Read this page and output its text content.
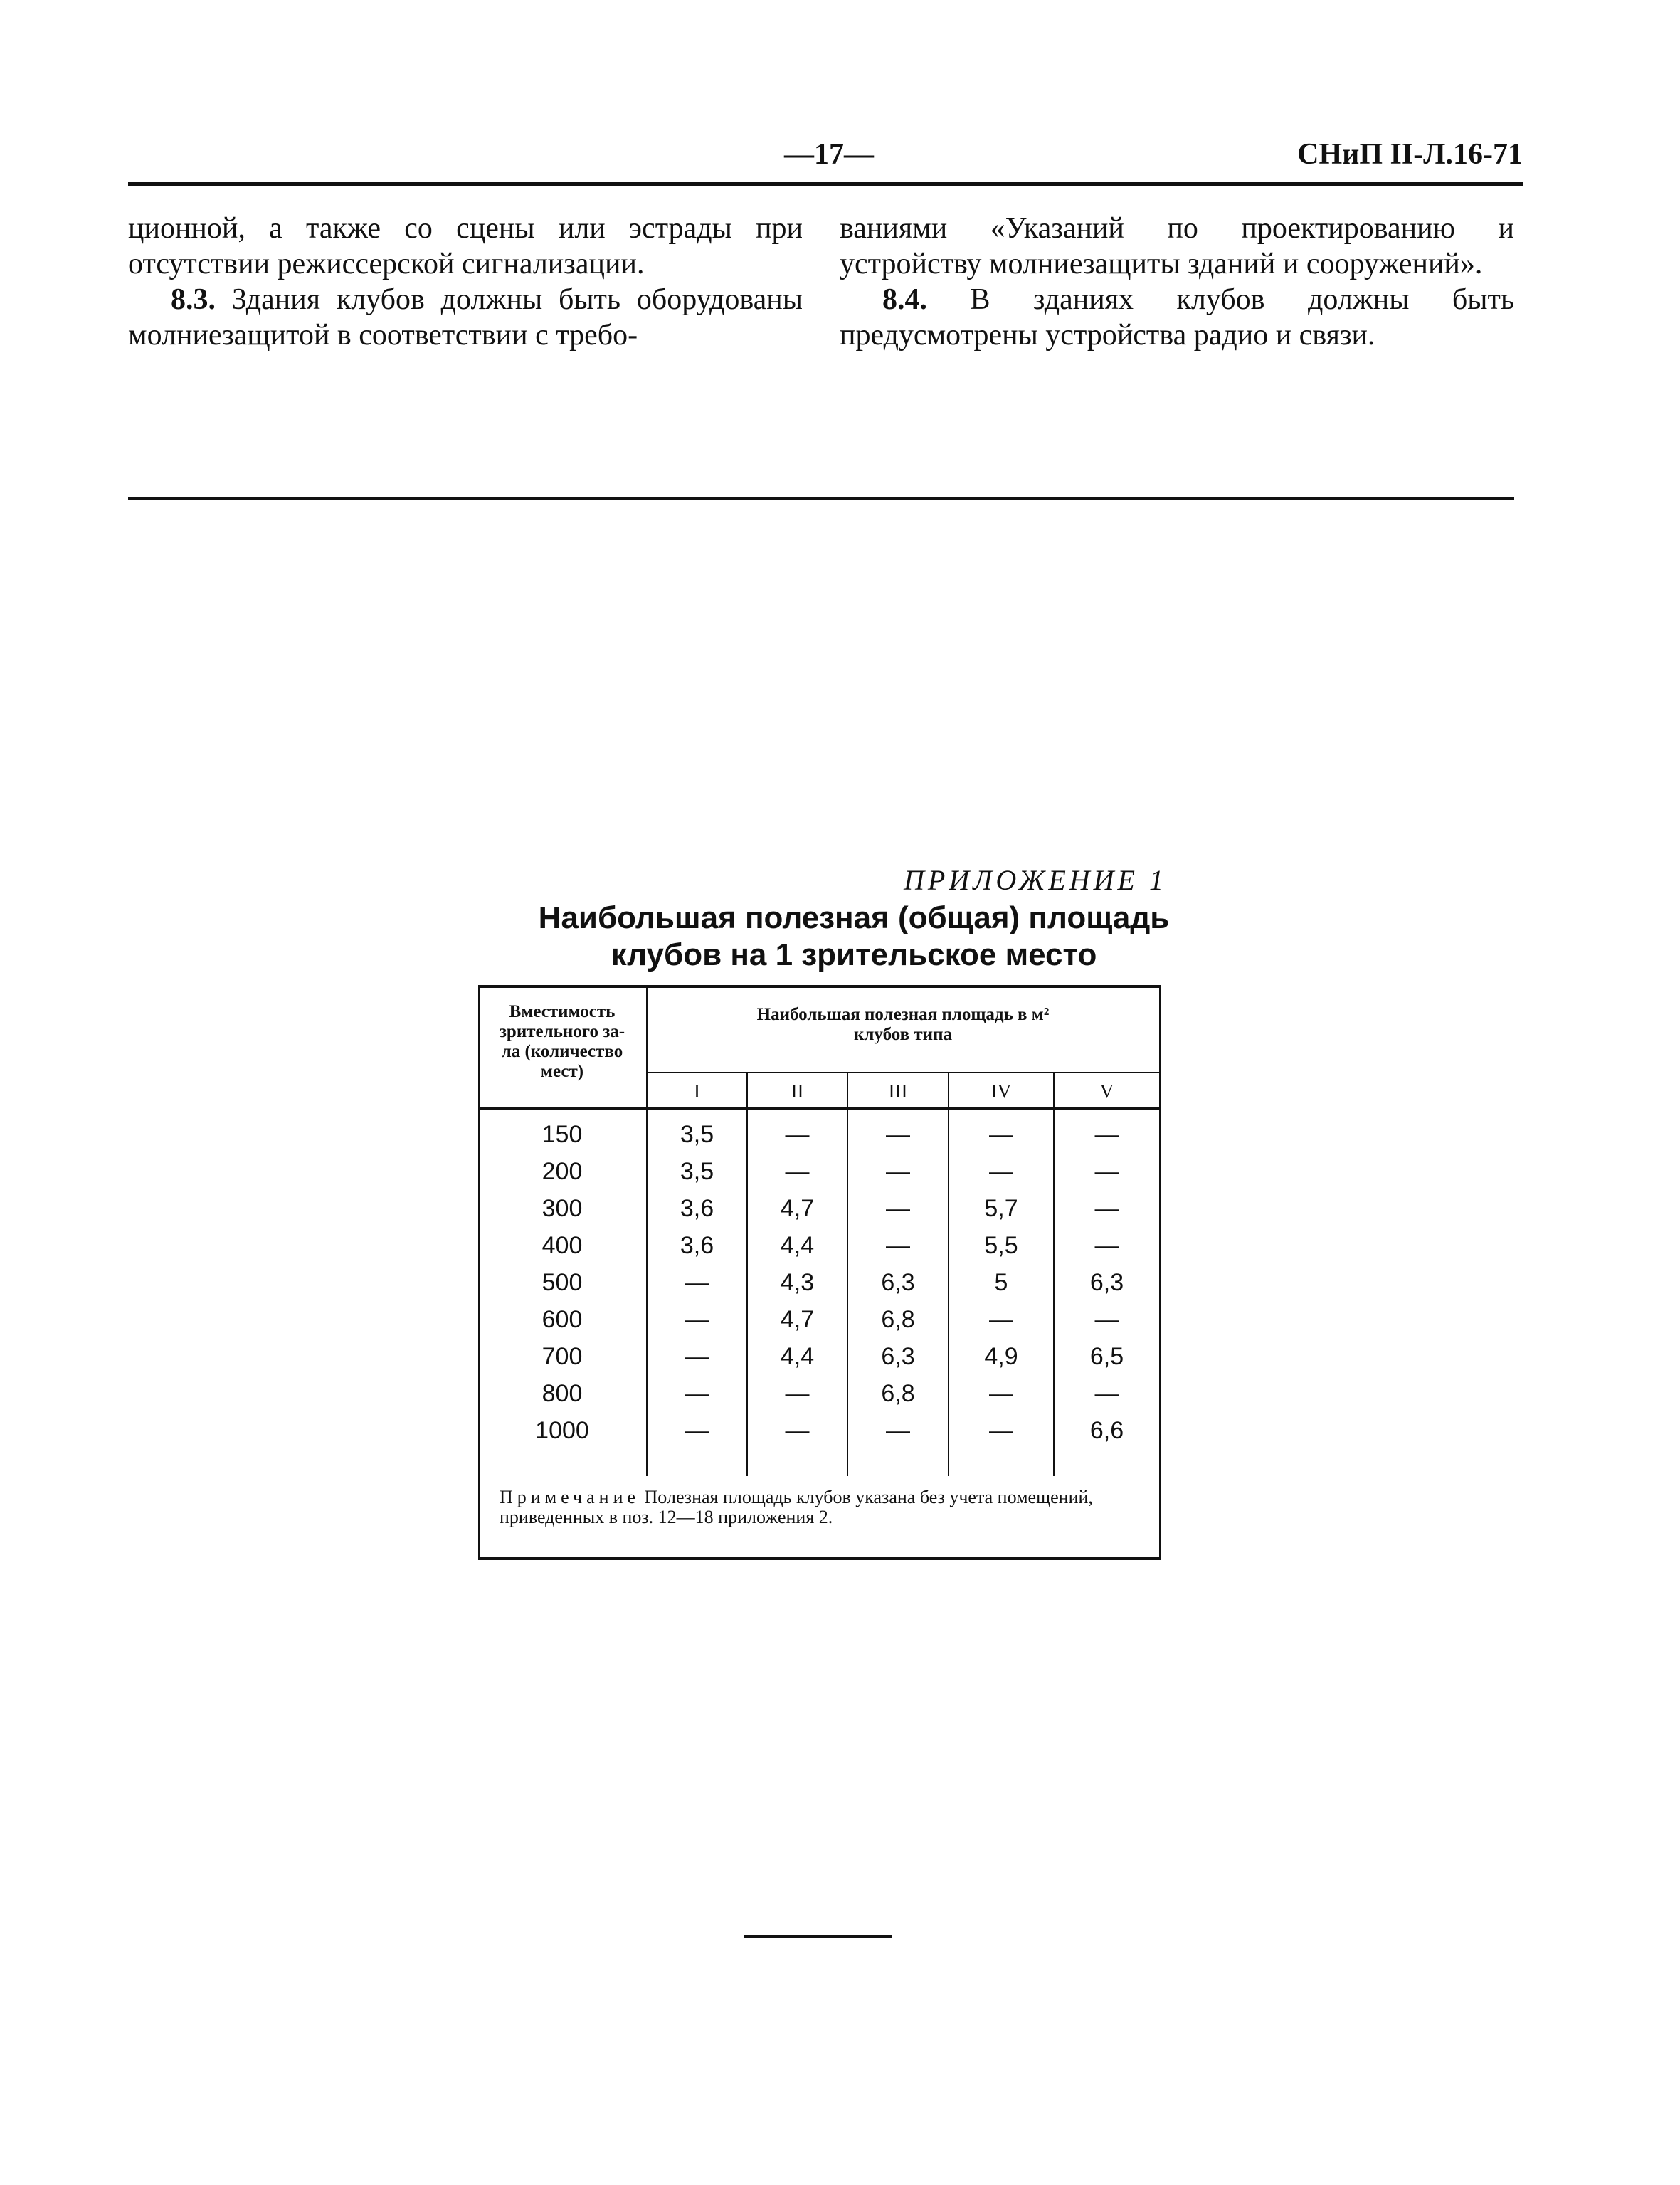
—17—	СНиП II-Л.16-71

ционной, а также со сцены или эстрады при отсутствии режиссерской сигнализации.

8.3. Здания клубов должны быть оборудованы молниезащитой в соответствии с требо-

ваниями «Указаний по проектированию и устройству молниезащиты зданий и сооружений».

8.4. В зданиях клубов должны быть предусмотрены устройства радио и связи.

ПРИЛОЖЕНИЕ 1
Наибольшая полезная (общая) площадь
клубов на 1 зрительское место
Вместимость
зрительного за-
ла (количество
мест)
Наибольшая полезная площадь в м²
клубов типа
I	II	III	IV	V
Примечание Полезная площадь клубов указана без учета помещений, приведенных в поз. 12—18 приложения 2.
150	3,5	—	—	—	—
200	3,5	—	—	—	—
300	3,6	4,7	—	5,7	—
400	3,6	4,4	—	5,5	—
500	—	4,3	6,3	5	6,3
600	—	4,7	6,8	—	—
700	—	4,4	6,3	4,9	6,5
800	—	—	6,8	—	—
1000	—	—	—	—	6,6
